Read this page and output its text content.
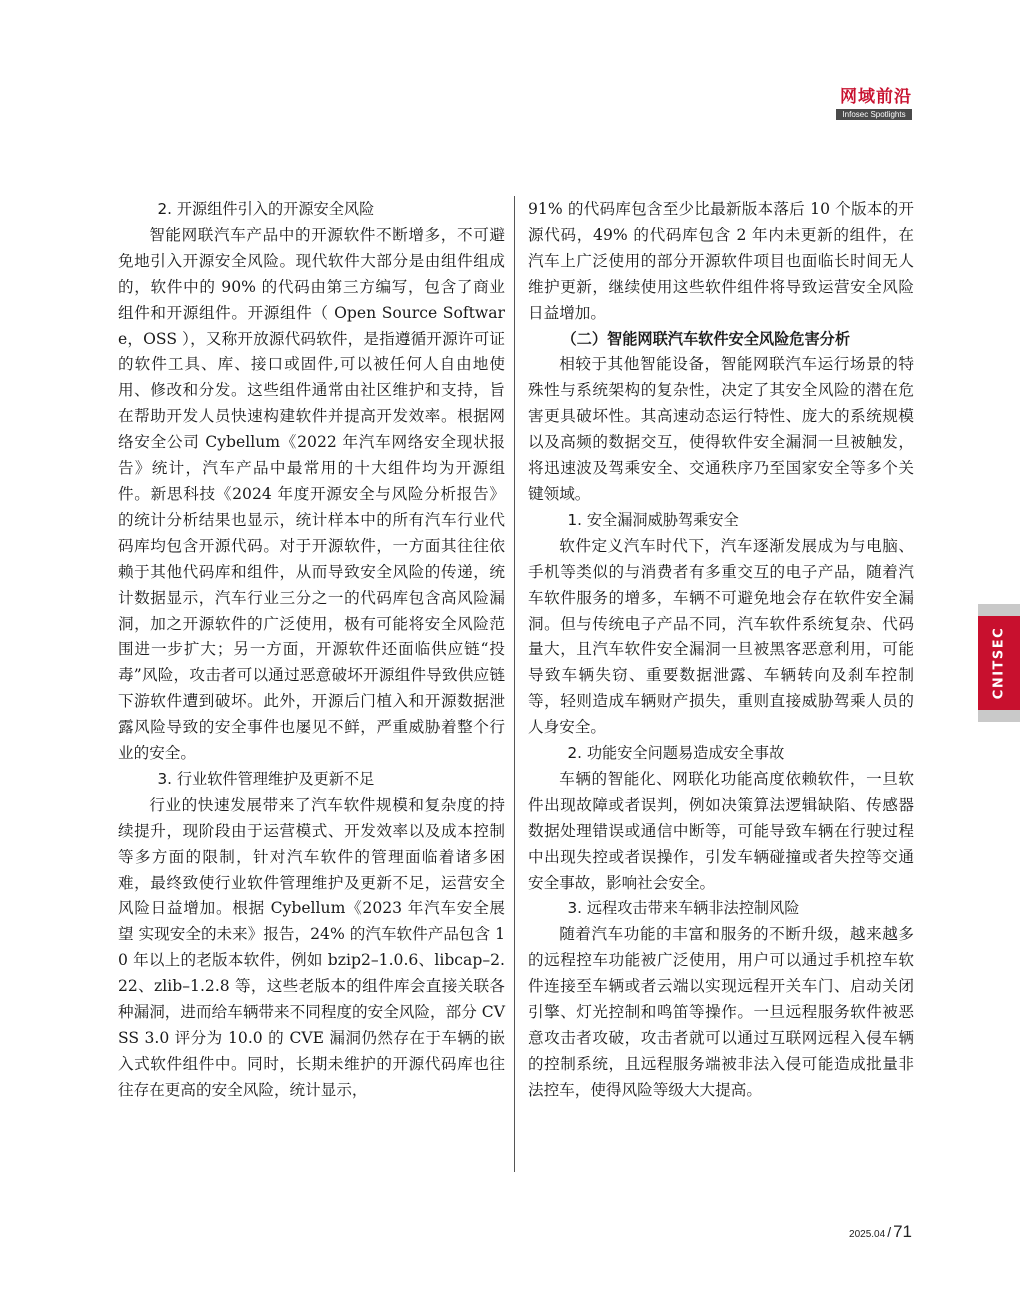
网域前沿
Infosec Spotlights

2. 开源组件引入的开源安全风险

智能网联汽车产品中的开源软件不断增多，不可避免地引入开源安全风险。现代软件大部分是由组件组成的，软件中的 90% 的代码由第三方编写，包含了商业组件和开源组件。开源组件（ Open Source Software，OSS ），又称开放源代码软件，是指遵循开源许可证的软件工具、库、接口或固件,可以被任何人自由地使用、修改和分发。这些组件通常由社区维护和支持，旨在帮助开发人员快速构建软件并提高开发效率。根据网络安全公司 Cybellum《2022 年汽车网络安全现状报告》统计，汽车产品中最常用的十大组件均为开源组件。新思科技《2024 年度开源安全与风险分析报告》的统计分析结果也显示，统计样本中的所有汽车行业代码库均包含开源代码。对于开源软件，一方面其往往依赖于其他代码库和组件，从而导致安全风险的传递，统计数据显示，汽车行业三分之一的代码库包含高风险漏洞，加之开源软件的广泛使用，极有可能将安全风险范围进一步扩大；另一方面，开源软件还面临供应链“投毒”风险，攻击者可以通过恶意破坏开源组件导致供应链下游软件遭到破坏。此外，开源后门植入和开源数据泄露风险导致的安全事件也屡见不鲜，严重威胁着整个行业的安全。

3. 行业软件管理维护及更新不足

行业的快速发展带来了汽车软件规模和复杂度的持续提升，现阶段由于运营模式、开发效率以及成本控制等多方面的限制，针对汽车软件的管理面临着诸多困难，最终致使行业软件管理维护及更新不足，运营安全风险日益增加。根据 Cybellum《2023 年汽车安全展望 实现安全的未来》报告，24% 的汽车软件产品包含 10 年以上的老版本软件，例如 bzip2–1.0.6、libcap–2.22、zlib–1.2.8 等，这些老版本的组件库会直接关联各种漏洞，进而给车辆带来不同程度的安全风险，部分 CVSS 3.0 评分为 10.0 的 CVE 漏洞仍然存在于车辆的嵌入式软件组件中。同时，长期未维护的开源代码库也往往存在更高的安全风险，统计显示，

91% 的代码库包含至少比最新版本落后 10 个版本的开源代码，49% 的代码库包含 2 年内未更新的组件，在汽车上广泛使用的部分开源软件项目也面临长时间无人维护更新，继续使用这些软件组件将导致运营安全风险日益增加。

（二）智能网联汽车软件安全风险危害分析

相较于其他智能设备，智能网联汽车运行场景的特殊性与系统架构的复杂性，决定了其安全风险的潜在危害更具破坏性。其高速动态运行特性、庞大的系统规模以及高频的数据交互，使得软件安全漏洞一旦被触发，将迅速波及驾乘安全、交通秩序乃至国家安全等多个关键领域。

1. 安全漏洞威胁驾乘安全

软件定义汽车时代下，汽车逐渐发展成为与电脑、手机等类似的与消费者有多重交互的电子产品，随着汽车软件服务的增多，车辆不可避免地会存在软件安全漏洞。但与传统电子产品不同，汽车软件系统复杂、代码量大，且汽车软件安全漏洞一旦被黑客恶意利用，可能导致车辆失窃、重要数据泄露、车辆转向及刹车控制等，轻则造成车辆财产损失，重则直接威胁驾乘人员的人身安全。

2. 功能安全问题易造成安全事故

车辆的智能化、网联化功能高度依赖软件，一旦软件出现故障或者误判，例如决策算法逻辑缺陷、传感器数据处理错误或通信中断等，可能导致车辆在行驶过程中出现失控或者误操作，引发车辆碰撞或者失控等交通安全事故，影响社会安全。

3. 远程攻击带来车辆非法控制风险

随着汽车功能的丰富和服务的不断升级，越来越多的远程控车功能被广泛使用，用户可以通过手机控车软件连接至车辆或者云端以实现远程开关车门、启动关闭引擎、灯光控制和鸣笛等操作。一旦远程服务软件被恶意攻击者攻破，攻击者就可以通过互联网远程入侵车辆的控制系统，且远程服务端被非法入侵可能造成批量非法控车，使得风险等级大大提高。

CNITSEC
2025.04 / 71
